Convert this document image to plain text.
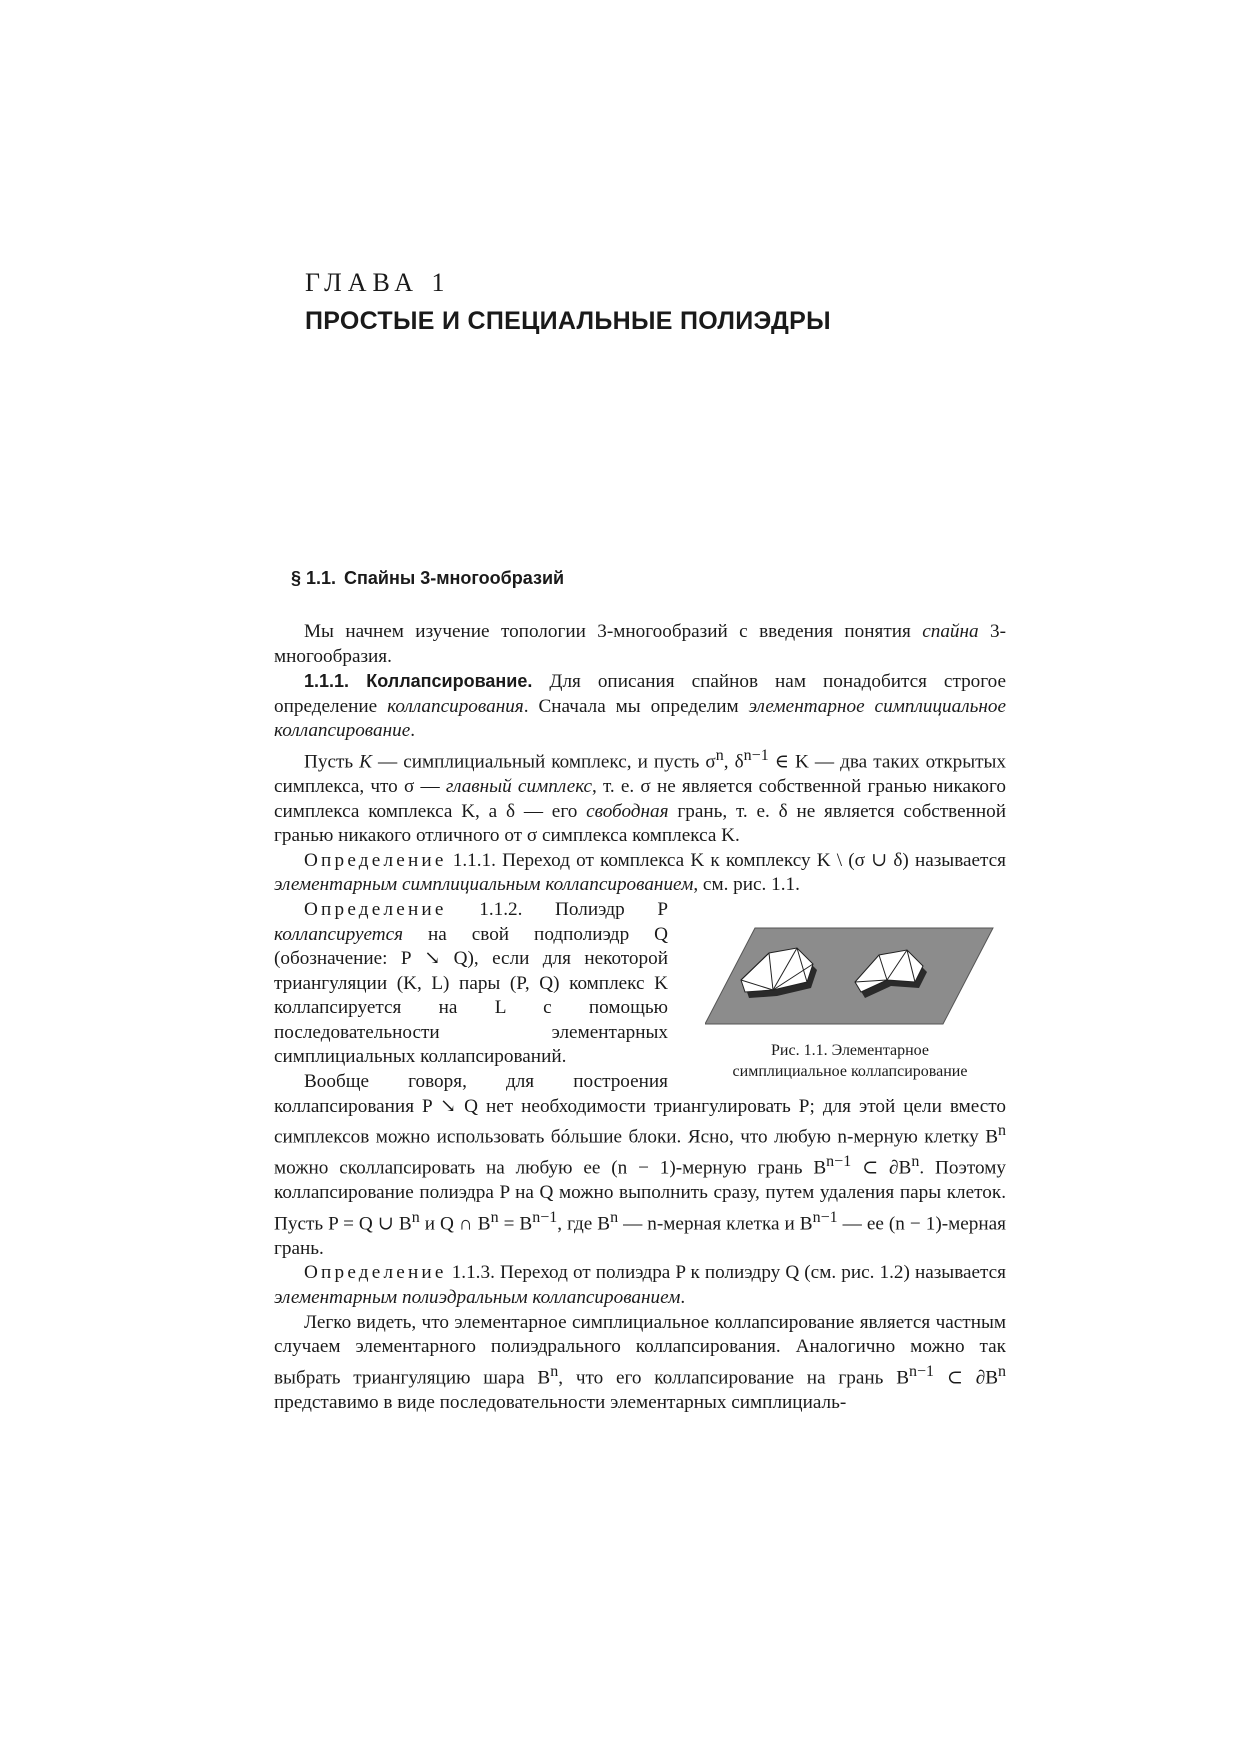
ГЛАВА 1
ПРОСТЫЕ И СПЕЦИАЛЬНЫЕ ПОЛИЭДРЫ
§ 1.1. Спайны 3-многообразий

Мы начнем изучение топологии 3-многообразий с введения понятия спайна 3-многообразия.

1.1.1. Коллапсирование. Для описания спайнов нам понадобится строгое определение коллапсирования. Сначала мы определим элементарное симплициальное коллапсирование.

Пусть K — симплициальный комплекс, и пусть $\sigma^n$, $\delta^{n-1}$ ∈ K — два таких открытых симплекса, что σ — главный симплекс, т. е. σ не является собственной гранью никакого симплекса комплекса K, а δ — его свободная грань, т. е. δ не является собственной гранью никакого отличного от σ симплекса комплекса K.

Определение 1.1.1. Переход от комплекса K к комплексу K \ (σ ∪ δ) называется элементарным симплициальным коллапсированием, см. рис. 1.1.

Рис. 1.1. Элементарное
симплициальное коллапсирование

Определение 1.1.2. Полиэдр P коллапсируется на свой подполиэдр Q (обозначение: P ↘ Q), если для некоторой триангуляции (K, L) пары (P, Q) комплекс K коллапсируется на L с помощью последовательности элементарных симплициальных коллапсирований.

Вообще говоря, для построения коллапсирования P ↘ Q нет необходимости триангулировать P; для этой цели вместо симплексов можно использовать бóльшие блоки. Ясно, что любую n-мерную клетку $B^n$ можно сколлапсировать на любую ее (n − 1)-мерную грань $B^{n-1}$ ⊂ $\partial B^n$. Поэтому коллапсирование полиэдра P на Q можно выполнить сразу, путем удаления пары клеток. Пусть P = Q ∪ $B^n$ и Q ∩ $B^n = B^{n-1}$, где $B^n$ — n-мерная клетка и $B^{n-1}$ — ее (n − 1)-мерная грань.

Определение 1.1.3. Переход от полиэдра P к полиэдру Q (см. рис. 1.2) называется элементарным полиэдральным коллапсированием.

Легко видеть, что элементарное симплициальное коллапсирование является частным случаем элементарного полиэдрального коллапсирования. Аналогично можно так выбрать триангуляцию шара $B^n$, что его коллапсирование на грань $B^{n-1}$ ⊂ $\partial B^n$ представимо в виде последовательности элементарных симплициаль-
